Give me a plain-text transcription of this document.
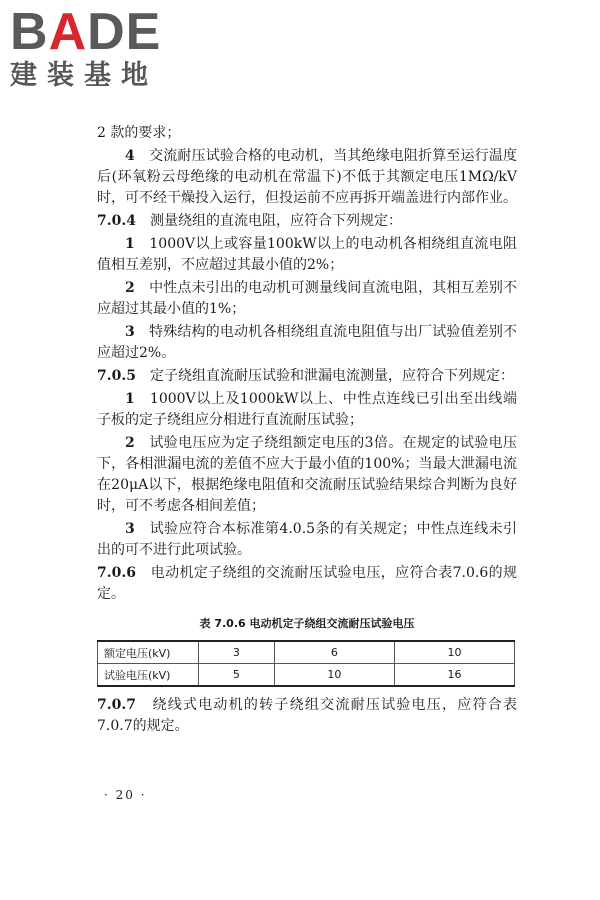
BADE
建装基地

2 款的要求；

4　 交流耐压试验合格的电动机，当其绝缘电阻折算至运行温度后(环氧粉云母绝缘的电动机在常温下)不低于其额定电压1MΩ/kV时，可不经干燥投入运行，但投运前不应再拆开端盖进行内部作业。

7.0.4　 测量绕组的直流电阻，应符合下列规定：

1　 1000V以上或容量100kW以上的电动机各相绕组直流电阻值相互差别，不应超过其最小值的2%；

2　 中性点未引出的电动机可测量线间直流电阻，其相互差别不应超过其最小值的1%；

3　 特殊结构的电动机各相绕组直流电阻值与出厂试验值差别不应超过2%。

7.0.5　 定子绕组直流耐压试验和泄漏电流测量，应符合下列规定：

1　 1000V以上及1000kW以上、中性点连线已引出至出线端子板的定子绕组应分相进行直流耐压试验；

2　 试验电压应为定子绕组额定电压的3倍。在规定的试验电压下，各相泄漏电流的差值不应大于最小值的100%；当最大泄漏电流在20μA以下，根据绝缘电阻值和交流耐压试验结果综合判断为良好时，可不考虑各相间差值；

3　 试验应符合本标准第4.0.5条的有关规定；中性点连线未引出的可不进行此项试验。

7.0.6　 电动机定子绕组的交流耐压试验电压，应符合表7.0.6的规定。

表 7.0.6 电动机定子绕组交流耐压试验电压
额定电压(kV)	3	6	10
试验电压(kV)	5	10	16

7.0.7　 绕线式电动机的转子绕组交流耐压试验电压，应符合表7.0.7的规定。

· 20 ·
